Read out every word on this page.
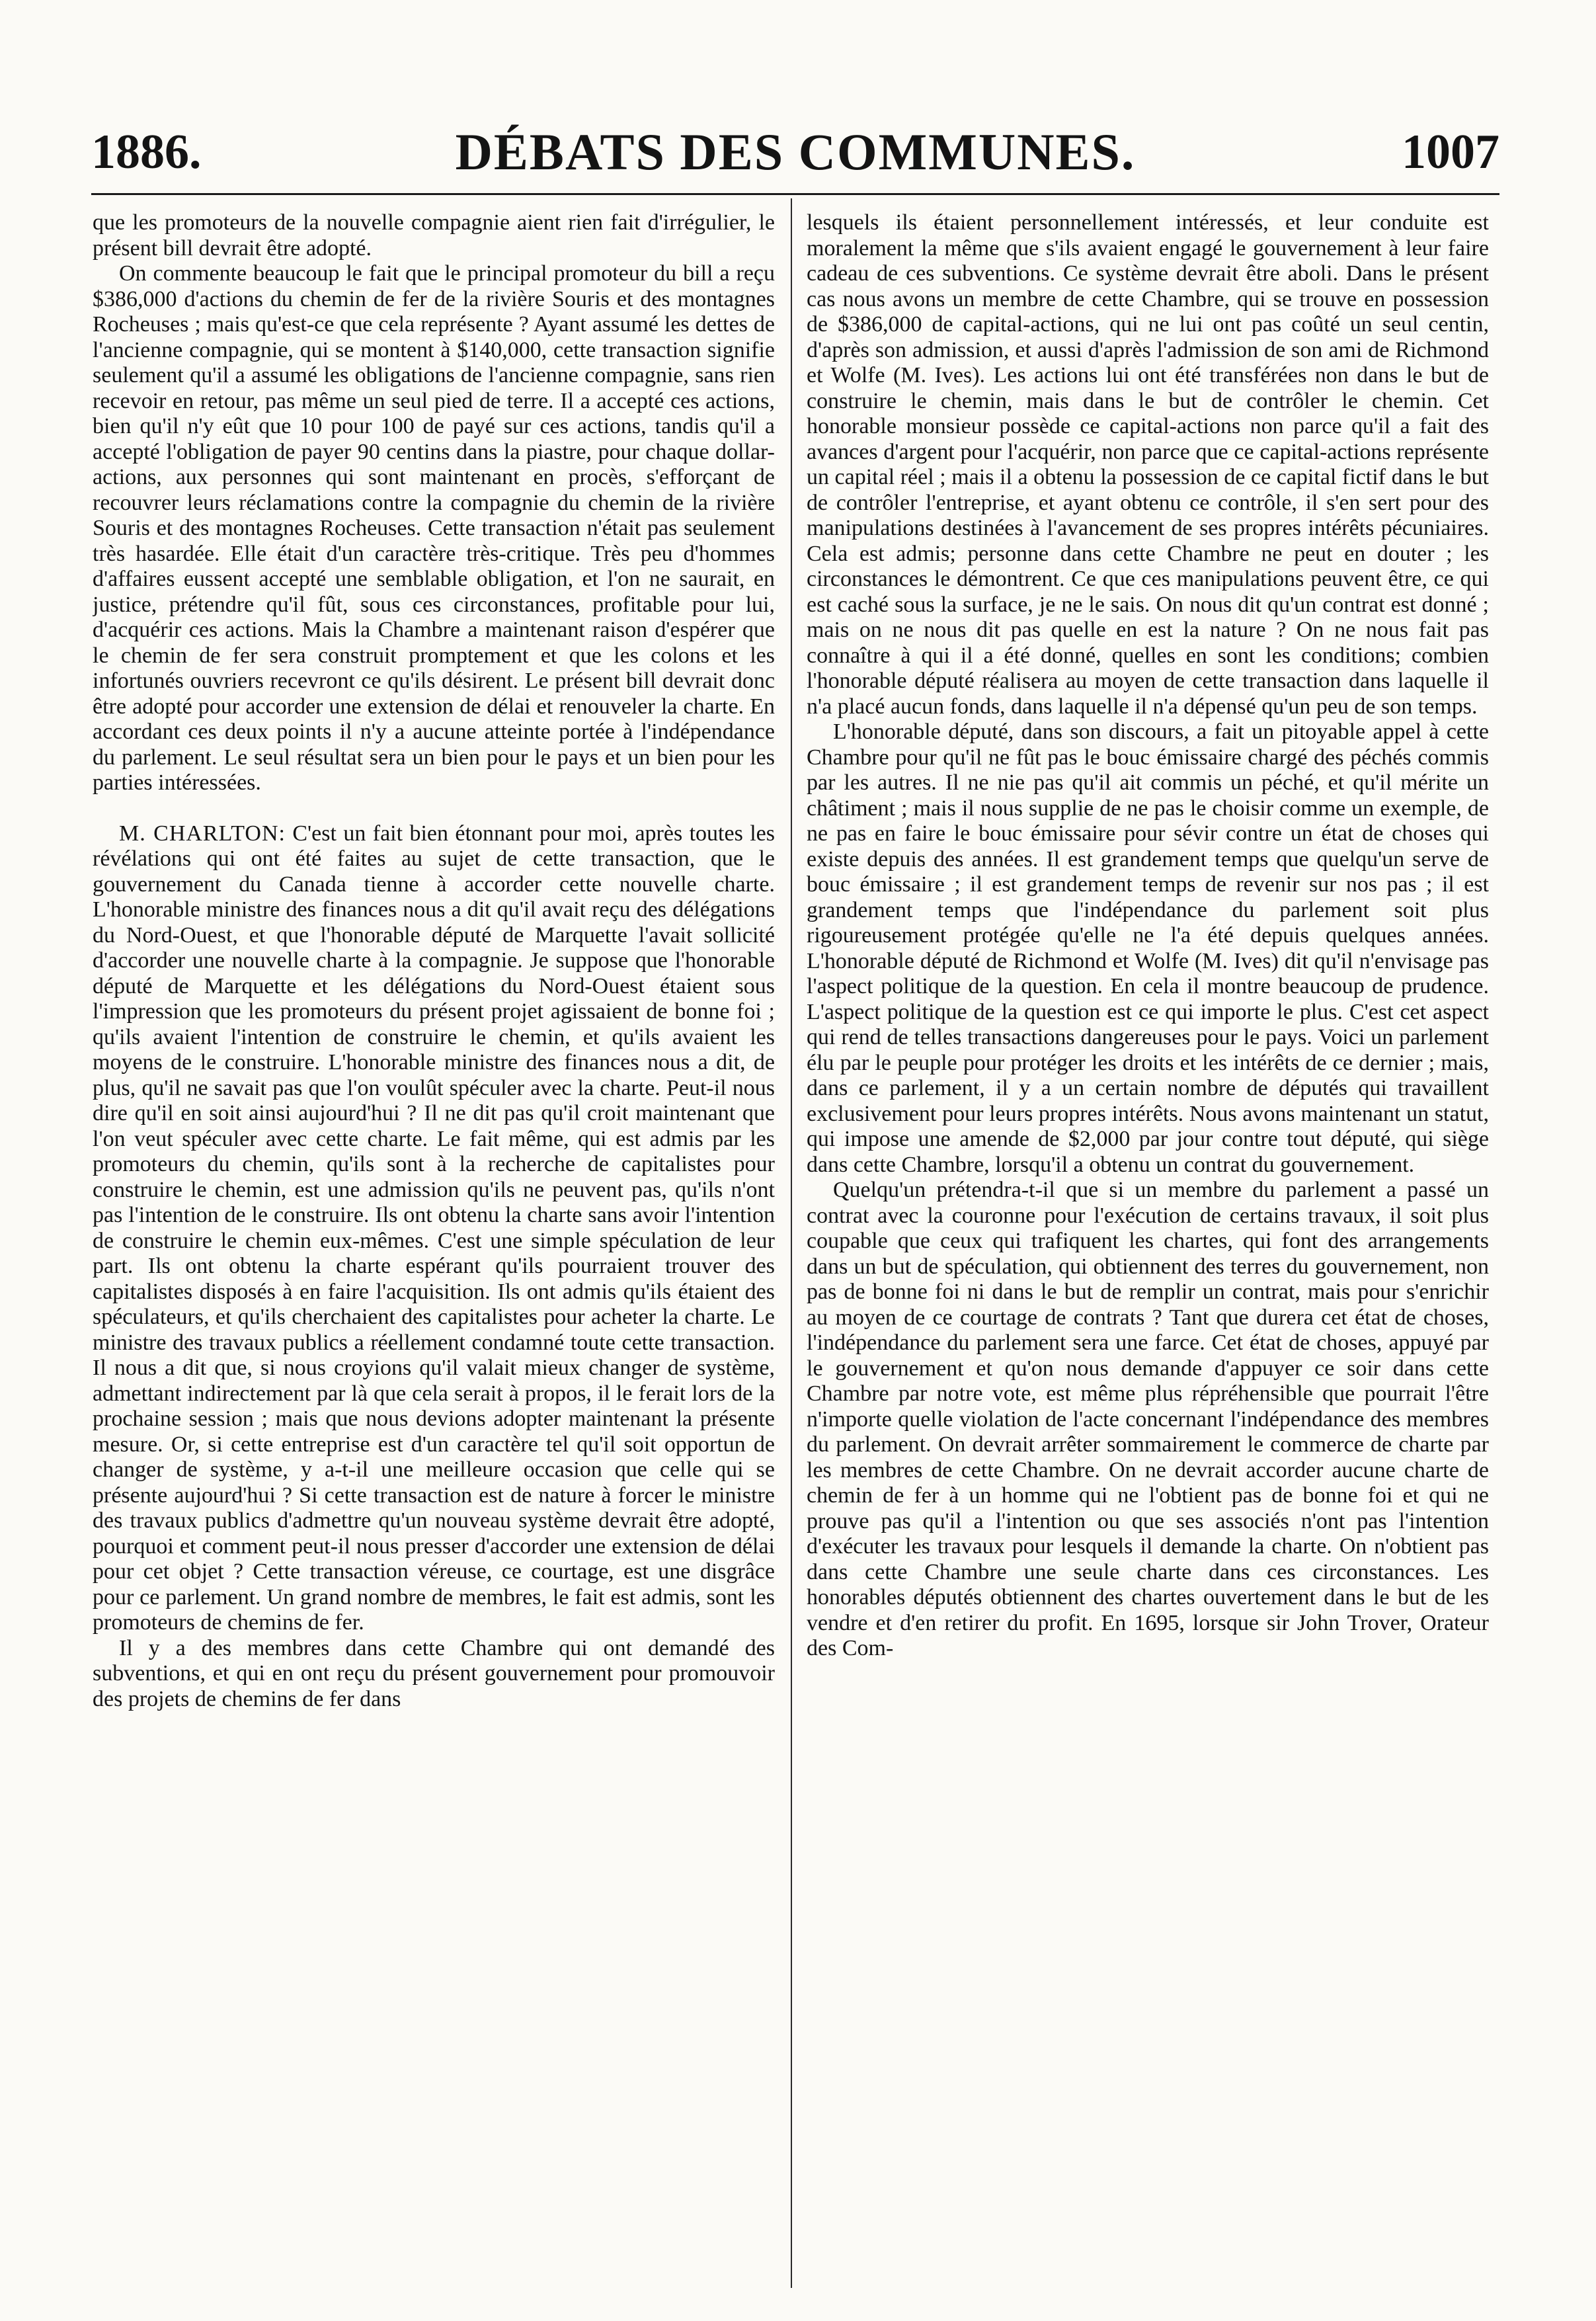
1886.	DÉBATS DES COMMUNES.	1007

que les promoteurs de la nouvelle compagnie aient rien fait d'irrégulier, le présent bill devrait être adopté.

On commente beaucoup le fait que le principal promoteur du bill a reçu $386,000 d'actions du chemin de fer de la rivière Souris et des montagnes Rocheuses ; mais qu'est-ce que cela représente ? Ayant assumé les dettes de l'ancienne compagnie, qui se montent à $140,000, cette transaction signifie seulement qu'il a assumé les obligations de l'ancienne compagnie, sans rien recevoir en retour, pas même un seul pied de terre. Il a accepté ces actions, bien qu'il n'y eût que 10 pour 100 de payé sur ces actions, tandis qu'il a accepté l'obligation de payer 90 centins dans la piastre, pour chaque dollar-actions, aux personnes qui sont maintenant en procès, s'efforçant de recouvrer leurs réclamations contre la compagnie du chemin de la rivière Souris et des montagnes Rocheuses. Cette transaction n'était pas seulement très hasardée. Elle était d'un caractère très-critique. Très peu d'hommes d'affaires eussent accepté une semblable obligation, et l'on ne saurait, en justice, prétendre qu'il fût, sous ces circonstances, profitable pour lui, d'acquérir ces actions. Mais la Chambre a maintenant raison d'espérer que le chemin de fer sera construit promptement et que les colons et les infortunés ouvriers recevront ce qu'ils désirent. Le présent bill devrait donc être adopté pour accorder une extension de délai et renouveler la charte. En accordant ces deux points il n'y a aucune atteinte portée à l'indépendance du parlement. Le seul résultat sera un bien pour le pays et un bien pour les parties intéressées.

M. CHARLTON: C'est un fait bien étonnant pour moi, après toutes les révélations qui ont été faites au sujet de cette transaction, que le gouvernement du Canada tienne à accorder cette nouvelle charte. L'honorable ministre des finances nous a dit qu'il avait reçu des délégations du Nord-Ouest, et que l'honorable député de Marquette l'avait sollicité d'accorder une nouvelle charte à la compagnie. Je suppose que l'honorable député de Marquette et les délégations du Nord-Ouest étaient sous l'impression que les promoteurs du présent projet agissaient de bonne foi ; qu'ils avaient l'intention de construire le chemin, et qu'ils avaient les moyens de le construire. L'honorable ministre des finances nous a dit, de plus, qu'il ne savait pas que l'on voulût spéculer avec la charte. Peut-il nous dire qu'il en soit ainsi aujourd'hui ? Il ne dit pas qu'il croit maintenant que l'on veut spéculer avec cette charte. Le fait même, qui est admis par les promoteurs du chemin, qu'ils sont à la recherche de capitalistes pour construire le chemin, est une admission qu'ils ne peuvent pas, qu'ils n'ont pas l'intention de le construire. Ils ont obtenu la charte sans avoir l'intention de construire le chemin eux-mêmes. C'est une simple spéculation de leur part. Ils ont obtenu la charte espérant qu'ils pourraient trouver des capitalistes disposés à en faire l'acquisition. Ils ont admis qu'ils étaient des spéculateurs, et qu'ils cherchaient des capitalistes pour acheter la charte. Le ministre des travaux publics a réellement condamné toute cette transaction. Il nous a dit que, si nous croyions qu'il valait mieux changer de système, admettant indirectement par là que cela serait à propos, il le ferait lors de la prochaine session ; mais que nous devions adopter maintenant la présente mesure. Or, si cette entreprise est d'un caractère tel qu'il soit opportun de changer de système, y a-t-il une meilleure occasion que celle qui se présente aujourd'hui ? Si cette transaction est de nature à forcer le ministre des travaux publics d'admettre qu'un nouveau système devrait être adopté, pourquoi et comment peut-il nous presser d'accorder une extension de délai pour cet objet ? Cette transaction véreuse, ce courtage, est une disgrâce pour ce parlement. Un grand nombre de membres, le fait est admis, sont les promoteurs de chemins de fer.

Il y a des membres dans cette Chambre qui ont demandé des subventions, et qui en ont reçu du présent gouvernement pour promouvoir des projets de chemins de fer dans

lesquels ils étaient personnellement intéressés, et leur conduite est moralement la même que s'ils avaient engagé le gouvernement à leur faire cadeau de ces subventions. Ce système devrait être aboli. Dans le présent cas nous avons un membre de cette Chambre, qui se trouve en possession de $386,000 de capital-actions, qui ne lui ont pas coûté un seul centin, d'après son admission, et aussi d'après l'admission de son ami de Richmond et Wolfe (M. Ives). Les actions lui ont été transférées non dans le but de construire le chemin, mais dans le but de contrôler le chemin. Cet honorable monsieur possède ce capital-actions non parce qu'il a fait des avances d'argent pour l'acquérir, non parce que ce capital-actions représente un capital réel ; mais il a obtenu la possession de ce capital fictif dans le but de contrôler l'entreprise, et ayant obtenu ce contrôle, il s'en sert pour des manipulations destinées à l'avancement de ses propres intérêts pécuniaires. Cela est admis; personne dans cette Chambre ne peut en douter ; les circonstances le démontrent. Ce que ces manipulations peuvent être, ce qui est caché sous la surface, je ne le sais. On nous dit qu'un contrat est donné ; mais on ne nous dit pas quelle en est la nature ? On ne nous fait pas connaître à qui il a été donné, quelles en sont les conditions; combien l'honorable député réalisera au moyen de cette transaction dans laquelle il n'a placé aucun fonds, dans laquelle il n'a dépensé qu'un peu de son temps.

L'honorable député, dans son discours, a fait un pitoyable appel à cette Chambre pour qu'il ne fût pas le bouc émissaire chargé des péchés commis par les autres. Il ne nie pas qu'il ait commis un péché, et qu'il mérite un châtiment ; mais il nous supplie de ne pas le choisir comme un exemple, de ne pas en faire le bouc émissaire pour sévir contre un état de choses qui existe depuis des années. Il est grandement temps que quelqu'un serve de bouc émissaire ; il est grandement temps de revenir sur nos pas ; il est grandement temps que l'indépendance du parlement soit plus rigoureusement protégée qu'elle ne l'a été depuis quelques années. L'honorable député de Richmond et Wolfe (M. Ives) dit qu'il n'envisage pas l'aspect politique de la question. En cela il montre beaucoup de prudence. L'aspect politique de la question est ce qui importe le plus. C'est cet aspect qui rend de telles transactions dangereuses pour le pays. Voici un parlement élu par le peuple pour protéger les droits et les intérêts de ce dernier ; mais, dans ce parlement, il y a un certain nombre de députés qui travaillent exclusivement pour leurs propres intérêts. Nous avons maintenant un statut, qui impose une amende de $2,000 par jour contre tout député, qui siège dans cette Chambre, lorsqu'il a obtenu un contrat du gouvernement.

Quelqu'un prétendra-t-il que si un membre du parlement a passé un contrat avec la couronne pour l'exécution de certains travaux, il soit plus coupable que ceux qui trafiquent les chartes, qui font des arrangements dans un but de spéculation, qui obtiennent des terres du gouvernement, non pas de bonne foi ni dans le but de remplir un contrat, mais pour s'enrichir au moyen de ce courtage de contrats ? Tant que durera cet état de choses, l'indépendance du parlement sera une farce. Cet état de choses, appuyé par le gouvernement et qu'on nous demande d'appuyer ce soir dans cette Chambre par notre vote, est même plus répréhensible que pourrait l'être n'importe quelle violation de l'acte concernant l'indépendance des membres du parlement. On devrait arrêter sommairement le commerce de charte par les membres de cette Chambre. On ne devrait accorder aucune charte de chemin de fer à un homme qui ne l'obtient pas de bonne foi et qui ne prouve pas qu'il a l'intention ou que ses associés n'ont pas l'intention d'exécuter les travaux pour lesquels il demande la charte. On n'obtient pas dans cette Chambre une seule charte dans ces circonstances. Les honorables députés obtiennent des chartes ouvertement dans le but de les vendre et d'en retirer du profit. En 1695, lorsque sir John Trover, Orateur des Com-
